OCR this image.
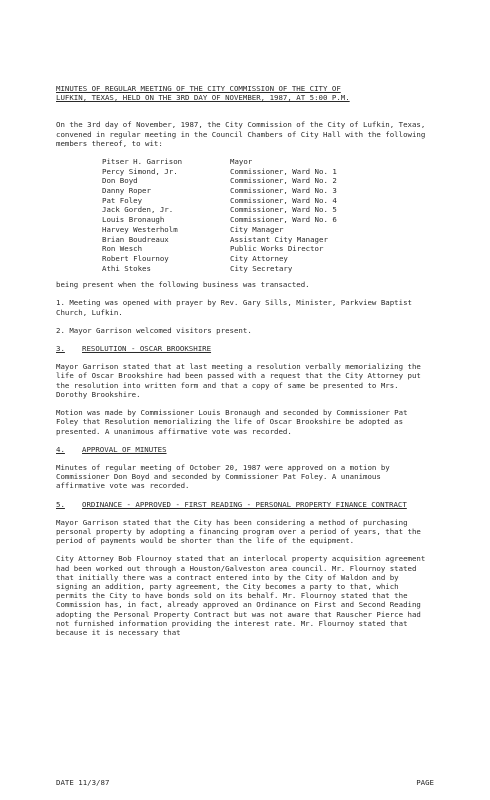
MINUTES OF REGULAR MEETING OF THE CITY COMMISSION OF THE CITY OF
LUFKIN, TEXAS, HELD ON THE 3RD DAY OF NOVEMBER, 1987, AT 5:00 P.M.

On the 3rd day of November, 1987, the City Commission of the City of Lufkin, Texas, convened in regular meeting in the Council Chambers of City Hall with the following members thereof, to wit:

Pitser H. Garrison	Mayor
Percy Simond, Jr.	Commissioner, Ward No. 1
Don Boyd	Commissioner, Ward No. 2
Danny Roper	Commissioner, Ward No. 3
Pat Foley	Commissioner, Ward No. 4
Jack Gorden, Jr.	Commissioner, Ward No. 5
Louis Bronaugh	Commissioner, Ward No. 6
Harvey Westerholm	City Manager
Brian Boudreaux	Assistant City Manager
Ron Wesch	Public Works Director
Robert Flournoy	City Attorney
Athi Stokes	City Secretary

being present when the following business was transacted.

1. Meeting was opened with prayer by Rev. Gary Sills, Minister, Parkview Baptist Church, Lufkin.

2. Mayor Garrison welcomed visitors present.

3.	RESOLUTION - OSCAR BROOKSHIRE

Mayor Garrison stated that at last meeting a resolution verbally memorializing the life of Oscar Brookshire had been passed with a request that the City Attorney put the resolution into written form and that a copy of same be presented to Mrs. Dorothy Brookshire.

Motion was made by Commissioner Louis Bronaugh and seconded by Commissioner Pat Foley that Resolution memorializing the life of Oscar Brookshire be adopted as presented. A unanimous affirmative vote was recorded.

4.	APPROVAL OF MINUTES

Minutes of regular meeting of October 20, 1987 were approved on a motion by Commissioner Don Boyd and seconded by Commissioner Pat Foley. A unanimous affirmative vote was recorded.

5.	ORDINANCE - APPROVED - FIRST READING - PERSONAL PROPERTY FINANCE CONTRACT

Mayor Garrison stated that the City has been considering a method of purchasing personal property by adopting a financing program over a period of years, that the period of payments would be shorter than the life of the equipment.

City Attorney Bob Flournoy stated that an interlocal property acquisition agreement had been worked out through a Houston/Galveston area council. Mr. Flournoy stated that initially there was a contract entered into by the City of Waldon and by signing an addition, party agreement, the City becomes a party to that, which permits the City to have bonds sold on its behalf. Mr. Flournoy stated that the Commission has, in fact, already approved an Ordinance on First and Second Reading adopting the Personal Property Contract but was not aware that Rauscher Pierce had not furnished information providing the interest rate. Mr. Flournoy stated that because it is necessary that

DATE 11/3/87	PAGE
